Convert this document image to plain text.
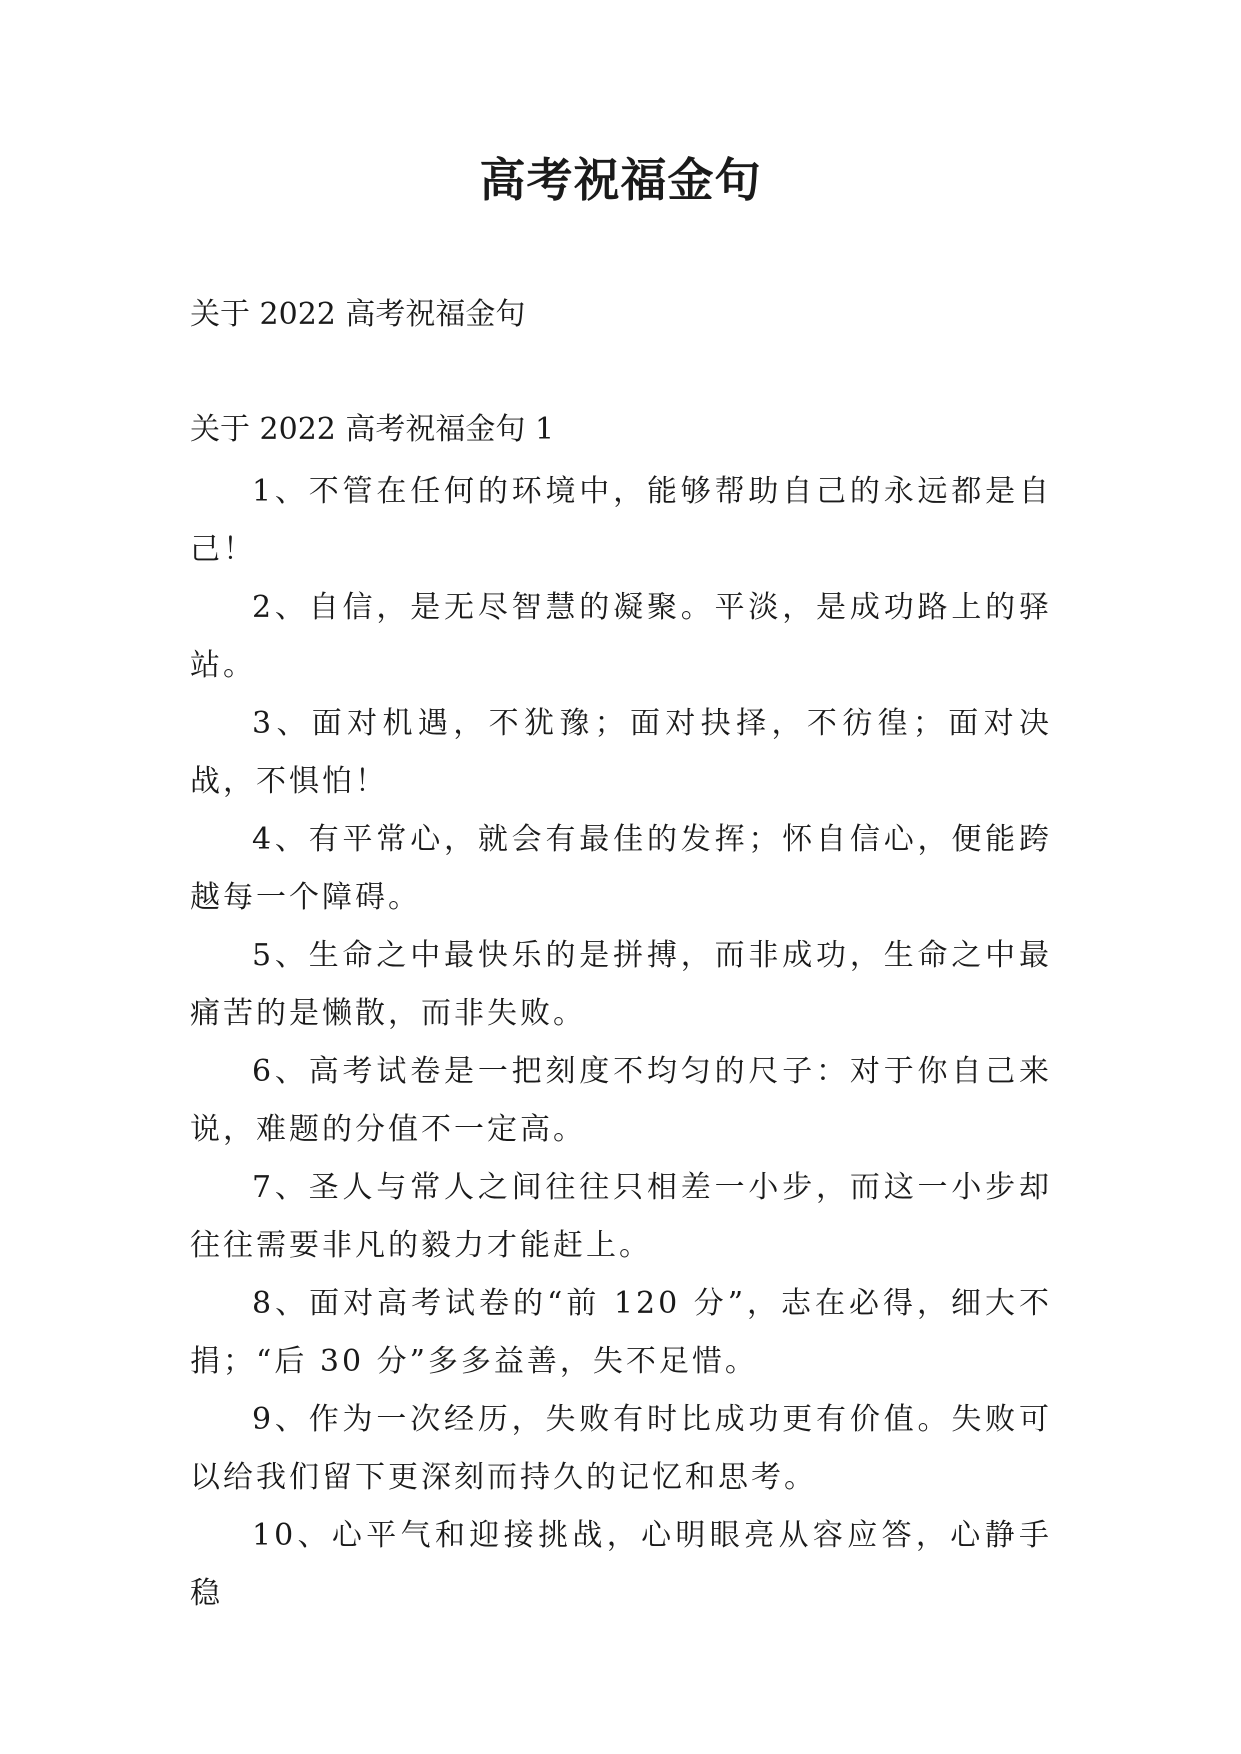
高考祝福金句
关于 2022 高考祝福金句
关于 2022 高考祝福金句 1
1、不管在任何的环境中，能够帮助自己的永远都是自己！
2、自信，是无尽智慧的凝聚。平淡，是成功路上的驿站。
3、面对机遇，不犹豫；面对抉择，不彷徨；面对决战，不惧怕！
4、有平常心，就会有最佳的发挥；怀自信心，便能跨越每一个障碍。
5、生命之中最快乐的是拼搏，而非成功，生命之中最痛苦的是懒散，而非失败。
6、高考试卷是一把刻度不均匀的尺子：对于你自己来说，难题的分值不一定高。
7、圣人与常人之间往往只相差一小步，而这一小步却往往需要非凡的毅力才能赶上。
8、面对高考试卷的“前 120 分”，志在必得，细大不捐；“后 30 分”多多益善，失不足惜。
9、作为一次经历，失败有时比成功更有价值。失败可以给我们留下更深刻而持久的记忆和思考。
10、心平气和迎接挑战，心明眼亮从容应答，心静手稳
